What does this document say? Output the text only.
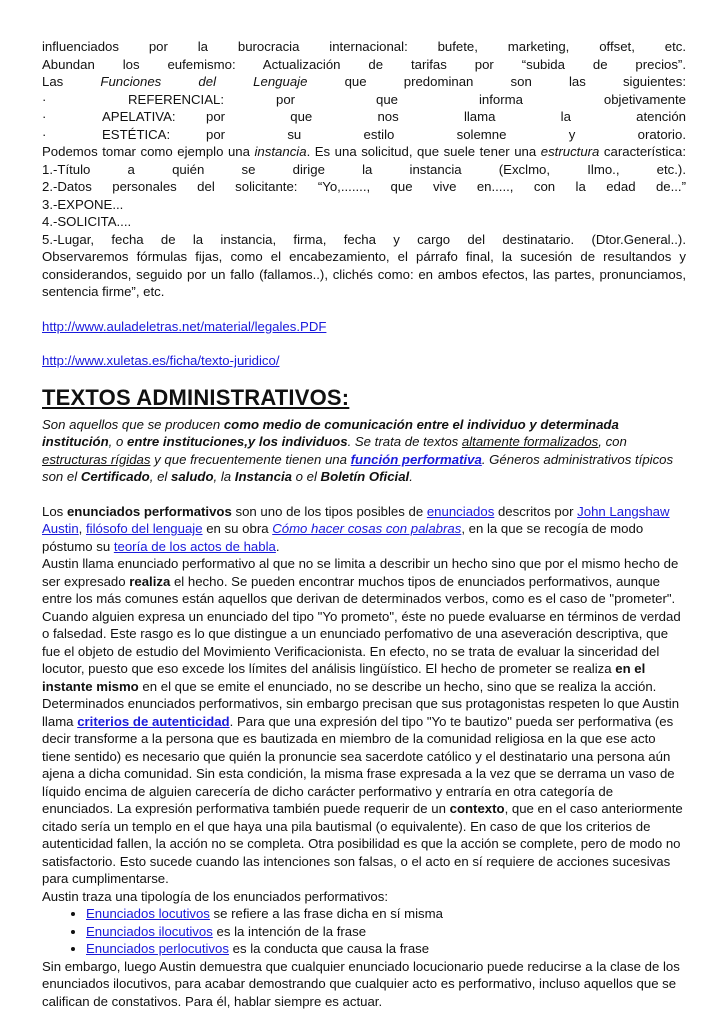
influenciados por la burocracia internacional: bufete, marketing, offset, etc.
Abundan los eufemismo: Actualización de tarifas por “subida de precios”.
Las Funciones del Lenguaje que predominan son las siguientes:
·	REFERENCIAL:	por que informa objetivamente
·	APELATIVA:	por que nos llama la atención
·	ESTÉTICA:	por su estilo solemne y oratorio.
Podemos tomar como ejemplo una instancia. Es una solicitud, que suele tener una estructura característica:
1.-Título a quién se dirige la instancia (Exclmo, Ilmo., etc.).
2.-Datos personales del solicitante: “Yo,......., que vive en....., con la edad de...”
3.-EXPONE...
4.-SOLICITA....
5.-Lugar, fecha de la instancia, firma, fecha y cargo del destinatario. (Dtor.General..).
Observaremos fórmulas fijas, como el encabezamiento, el párrafo final, la sucesión de resultandos y considerandos, seguido por un fallo (fallamos..), clichés como: en ambos efectos, las partes, pronunciamos, sentencia firme”, etc.
http://www.auladeletras.net/material/legales.PDF
http://www.xuletas.es/ficha/texto-juridico/
TEXTOS ADMINISTRATIVOS:
Son aquellos que se producen como medio de comunicación entre el individuo y determinada institución, o entre instituciones,y los individuos. Se trata de textos altamente formalizados, con estructuras rígidas y que frecuentemente tienen una función performativa. Géneros administrativos típicos son el Certificado, el saludo, la Instancia o el Boletín Oficial.
Los enunciados performativos son uno de los tipos posibles de enunciados descritos por John Langshaw Austin, filósofo del lenguaje en su obra Cómo hacer cosas con palabras, en la que se recogía de modo póstumo su teoría de los actos de habla.
Austin llama enunciado performativo al que no se limita a describir un hecho sino que por el mismo hecho de ser expresado realiza el hecho. Se pueden encontrar muchos tipos de enunciados performativos, aunque entre los más comunes están aquellos que derivan de determinados verbos, como es el caso de "prometer". Cuando alguien expresa un enunciado del tipo "Yo prometo", éste no puede evaluarse en términos de verdad o falsedad. Este rasgo es lo que distingue a un enunciado perfomativo de una aseveración descriptiva, que fue el objeto de estudio del Movimiento Verificacionista. En efecto, no se trata de evaluar la sinceridad del locutor, puesto que eso excede los límites del análisis lingüístico. El hecho de prometer se realiza en el instante mismo en el que se emite el enunciado, no se describe un hecho, sino que se realiza la acción.
Determinados enunciados performativos, sin embargo precisan que sus protagonistas respeten lo que Austin llama criterios de autenticidad. Para que una expresión del tipo "Yo te bautizo" pueda ser performativa (es decir transforme a la persona que es bautizada en miembro de la comunidad religiosa en la que ese acto tiene sentido) es necesario que quién la pronuncie sea sacerdote católico y el destinatario una persona aún ajena a dicha comunidad. Sin esta condición, la misma frase expresada a la vez que se derrama un vaso de líquido encima de alguien carecería de dicho carácter performativo y entraría en otra categoría de enunciados. La expresión performativa también puede requerir de un contexto, que en el caso anteriormente citado sería un templo en el que haya una pila bautismal (o equivalente). En caso de que los criterios de autenticidad fallen, la acción no se completa. Otra posibilidad es que la acción se complete, pero de modo no satisfactorio. Esto sucede cuando las intenciones son falsas, o el acto en sí requiere de acciones sucesivas para cumplimentarse.
Austin traza una tipología de los enunciados performativos:
• Enunciados locutivos se refiere a las frase dicha en sí misma
• Enunciados ilocutivos es la intención de la frase
• Enunciados perlocutivos es la conducta que causa la frase
Sin embargo, luego Austin demuestra que cualquier enunciado locucionario puede reducirse a la clase de los enunciados ilocutivos, para acabar demostrando que cualquier acto es performativo, incluso aquellos que se califican de constativos. Para él, hablar siempre es actuar.
